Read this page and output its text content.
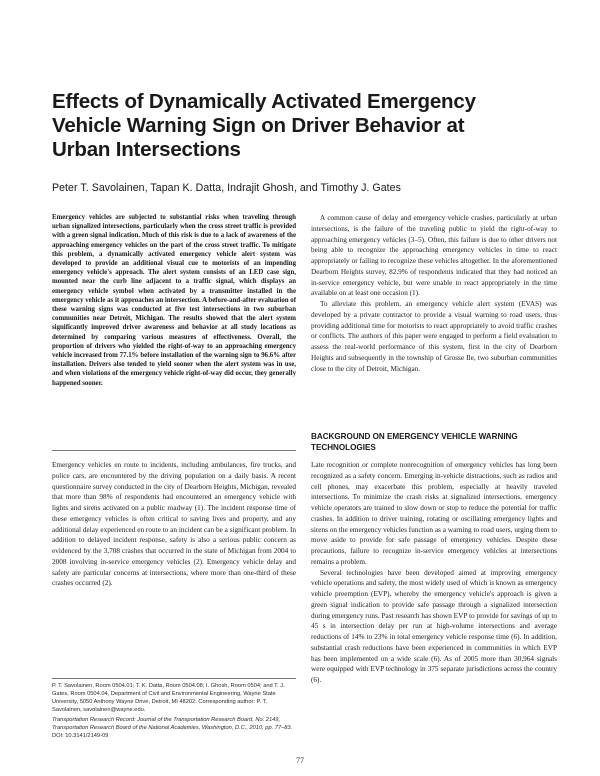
Effects of Dynamically Activated Emergency Vehicle Warning Sign on Driver Behavior at Urban Intersections
Peter T. Savolainen, Tapan K. Datta, Indrajit Ghosh, and Timothy J. Gates

Emergency vehicles are subjected to substantial risks when traveling through urban signalized intersections, particularly when the cross street traffic is provided with a green signal indication. Much of this risk is due to a lack of awareness of the approaching emergency vehicles on the part of the cross street traffic. To mitigate this problem, a dynamically activated emergency vehicle alert system was developed to provide an additional visual cue to motorists of an impending emergency vehicle's approach. The alert system consists of an LED case sign, mounted near the curb line adjacent to a traffic signal, which displays an emergency vehicle symbol when activated by a transmitter installed in the emergency vehicle as it approaches an intersection. A before-and-after evaluation of these warning signs was conducted at five test intersections in two suburban communities near Detroit, Michigan. The results showed that the alert system significantly improved driver awareness and behavior at all study locations as determined by comparing various measures of effectiveness. Overall, the proportion of drivers who yielded the right-of-way to an approaching emergency vehicle increased from 77.1% before installation of the warning sign to 96.6% after installation. Drivers also tended to yield sooner when the alert system was in use, and when violations of the emergency vehicle right-of-way did occur, they generally happened sooner.

Emergency vehicles en route to incidents, including ambulances, fire trucks, and police cars, are encountered by the driving population on a daily basis. A recent questionnaire survey conducted in the city of Dearborn Heights, Michigan, revealed that more than 98% of respondents had encountered an emergency vehicle with lights and sirens activated on a public roadway (1). The incident response time of these emergency vehicles is often critical to saving lives and property, and any additional delay experienced en route to an incident can be a significant problem. In addition to delayed incident response, safety is also a serious public concern as evidenced by the 3,708 crashes that occurred in the state of Michigan from 2004 to 2008 involving in-service emergency vehicles (2). Emergency vehicle delay and safety are particular concerns at intersections, where more than one-third of these crashes occurred (2).

P. T. Savolainen, Room 0504.01; T. K. Datta, Room 0504.08; I. Ghosh, Room 0504; and T. J. Gates, Room 0504.04, Department of Civil and Environmental Engineering, Wayne State University, 5050 Anthony Wayne Drive, Detroit, MI 48202. Corresponding author: P. T. Savolainen, savolainen@wayne.edu.
Transportation Research Record: Journal of the Transportation Research Board, No. 2149, Transportation Research Board of the National Academies, Washington, D.C., 2010, pp. 77–83.
DOI: 10.3141/2149-09

A common cause of delay and emergency vehicle crashes, particularly at urban intersections, is the failure of the traveling public to yield the right-of-way to approaching emergency vehicles (3–5). Often, this failure is due to other drivers not being able to recognize the approaching emergency vehicles in time to react appropriately or failing to recognize these vehicles altogether. In the aforementioned Dearborn Heights survey, 82.9% of respondents indicated that they had noticed an in-service emergency vehicle, but were unable to react appropriately in the time available on at least one occasion (1).

To alleviate this problem, an emergency vehicle alert system (EVAS) was developed by a private contractor to provide a visual warning to road users, thus providing additional time for motorists to react appropriately to avoid traffic crashes or conflicts. The authors of this paper were engaged to perform a field evaluation to assess the real-world performance of this system, first in the city of Dearborn Heights and subsequently in the township of Grosse Ile, two suburban communities close to the city of Detroit, Michigan.

BACKGROUND ON EMERGENCY VEHICLE WARNING TECHNOLOGIES

Late recognition or complete nonrecognition of emergency vehicles has long been recognized as a safety concern. Emerging in-vehicle distractions, such as radios and cell phones, may exacerbate this problem, especially at heavily traveled intersections. To minimize the crash risks at signalized intersections, emergency vehicle operators are trained to slow down or stop to reduce the potential for traffic crashes. In addition to driver training, rotating or oscillating emergency lights and sirens on the emergency vehicles function as a warning to road users, urging them to move aside to provide for safe passage of emergency vehicles. Despite these precautions, failure to recognize in-service emergency vehicles at intersections remains a problem.

Several technologies have been developed aimed at improving emergency vehicle operations and safety, the most widely used of which is known as emergency vehicle preemption (EVP), whereby the emergency vehicle's approach is given a green signal indication to provide safe passage through a signalized intersection during emergency runs. Past research has shown EVP to provide for savings of up to 45 s in intersection delay per run at high-volume intersections and average reductions of 14% to 23% in total emergency vehicle response time (6). In addition, substantial crash reductions have been experienced in communities in which EVP has been implemented on a wide scale (6). As of 2005 more than 30,964 signals were equipped with EVP technology in 375 separate jurisdictions across the country (6).

77
